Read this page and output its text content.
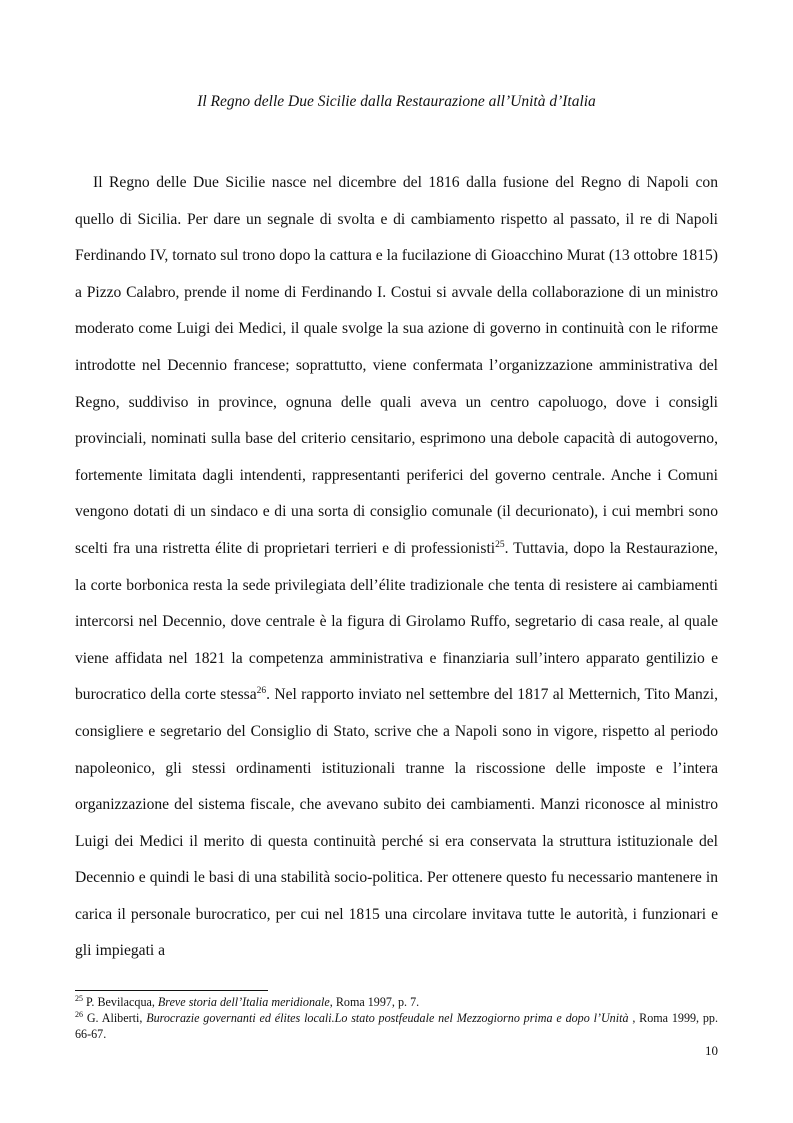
Il Regno delle Due Sicilie dalla Restaurazione all’Unità d’Italia

Il Regno delle Due Sicilie nasce nel dicembre del 1816 dalla fusione del Regno di Napoli con quello di Sicilia. Per dare un segnale di svolta e di cambiamento rispetto al passato, il re di Napoli Ferdinando IV, tornato sul trono dopo la cattura e la fucilazione di Gioacchino Murat (13 ottobre 1815) a Pizzo Calabro, prende il nome di Ferdinando I. Costui si avvale della collaborazione di un ministro moderato come Luigi dei Medici, il quale svolge la sua azione di governo in continuità con le riforme introdotte nel Decennio francese; soprattutto, viene confermata l’organizzazione amministrativa del Regno, suddiviso in province, ognuna delle quali aveva un centro capoluogo, dove i consigli provinciali, nominati sulla base del criterio censitario, esprimono una debole capacità di autogoverno, fortemente limitata dagli intendenti, rappresentanti periferici del governo centrale. Anche i Comuni vengono dotati di un sindaco e di una sorta di consiglio comunale (il decurionato), i cui membri sono scelti fra una ristretta élite di proprietari terrieri e di professionisti$^{25}$. Tuttavia, dopo la Restaurazione, la corte borbonica resta la sede privilegiata dell’élite tradizionale che tenta di resistere ai cambiamenti intercorsi nel Decennio, dove centrale è la figura di Girolamo Ruffo, segretario di casa reale, al quale viene affidata nel 1821 la competenza amministrativa e finanziaria sull’intero apparato gentilizio e burocratico della corte stessa$^{26}$. Nel rapporto inviato nel settembre del 1817 al Metternich, Tito Manzi, consigliere e segretario del Consiglio di Stato, scrive che a Napoli sono in vigore, rispetto al periodo napoleonico, gli stessi ordinamenti istituzionali tranne la riscossione delle imposte e l’intera organizzazione del sistema fiscale, che avevano subito dei cambiamenti. Manzi riconosce al ministro Luigi dei Medici il merito di questa continuità perché si era conservata la struttura istituzionale del Decennio e quindi le basi di una stabilità socio-politica. Per ottenere questo fu necessario mantenere in carica il personale burocratico, per cui nel 1815 una circolare invitava tutte le autorità, i funzionari e gli impiegati a

$^{25}$ P. Bevilacqua, Breve storia dell’Italia meridionale, Roma 1997, p. 7.

$^{26}$ G. Aliberti, Burocrazie governanti ed élites locali.Lo stato postfeudale nel Mezzogiorno prima e dopo l’Unità , Roma 1999, pp. 66-67.

10
